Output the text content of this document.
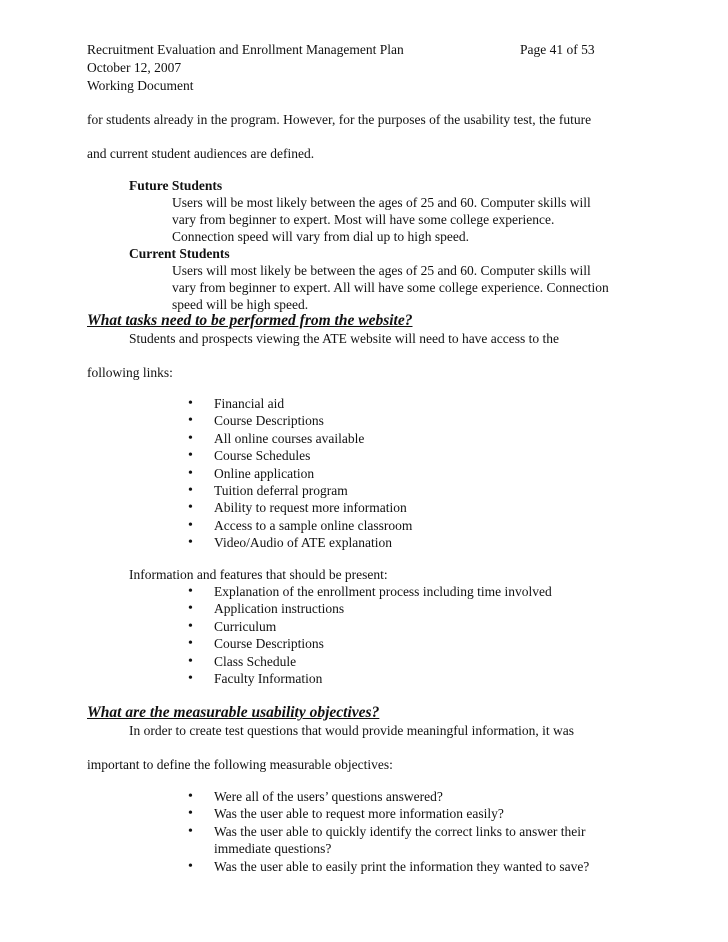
Recruitment Evaluation and Enrollment Management Plan	Page 41 of 53
October 12, 2007
Working Document
for students already in the program. However, for the purposes of the usability test, the future
and current student audiences are defined.
Future Students
Users will be most likely between the ages of 25 and 60. Computer skills will
vary from beginner to expert. Most will have some college experience.
Connection speed will vary from dial up to high speed.
Current Students
Users will most likely be between the ages of 25 and 60. Computer skills will
vary from beginner to expert. All will have some college experience. Connection
speed will be high speed.
What tasks need to be performed from the website?
Students and prospects viewing the ATE website will need to have access to the
following links:
• Financial aid
• Course Descriptions
• All online courses available
• Course Schedules
• Online application
• Tuition deferral program
• Ability to request more information
• Access to a sample online classroom
• Video/Audio of ATE explanation
Information and features that should be present:
• Explanation of the enrollment process including time involved
• Application instructions
• Curriculum
• Course Descriptions
• Class Schedule
• Faculty Information
What are the measurable usability objectives?
In order to create test questions that would provide meaningful information, it was
important to define the following measurable objectives:
• Were all of the users’ questions answered?
• Was the user able to request more information easily?
• Was the user able to quickly identify the correct links to answer their immediate questions?
• Was the user able to easily print the information they wanted to save?
